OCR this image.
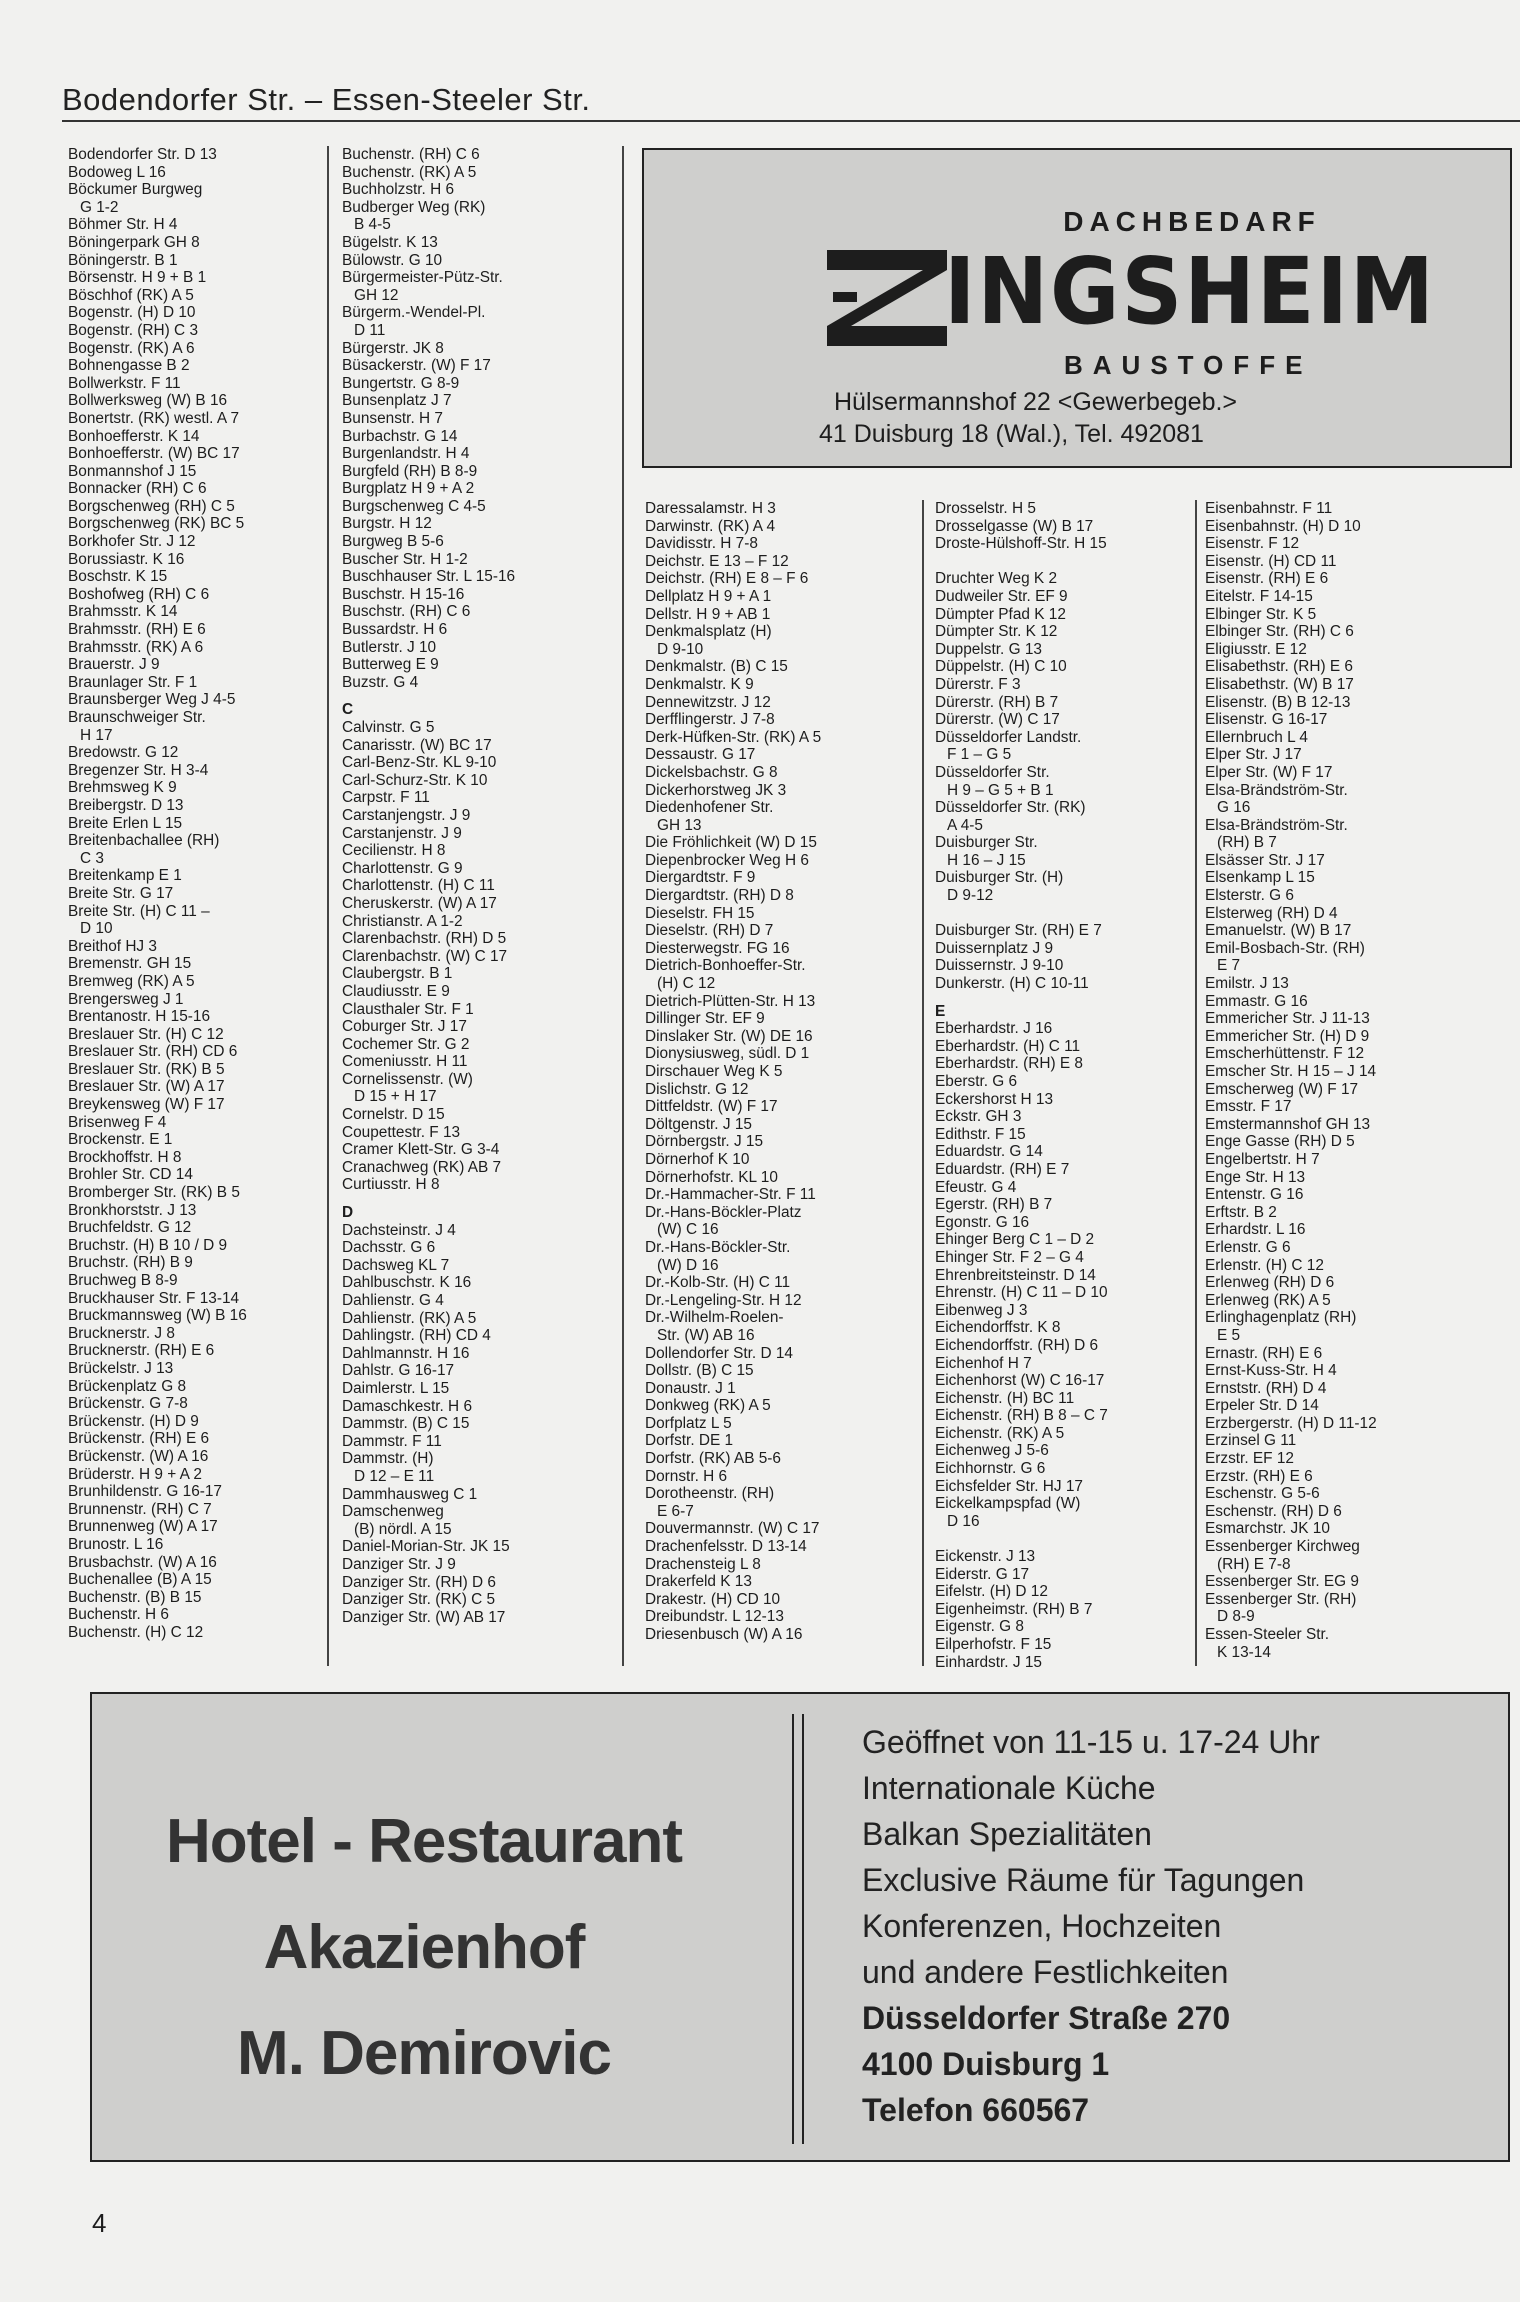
Bodendorfer Str. – Essen-Steeler Str.
Bodendorfer Str. D 13
Bodoweg L 16
Böckumer Burgweg
G 1-2
Böhmer Str. H 4
Böningerpark GH 8
Böningerstr. B 1
Börsenstr. H 9 + B 1
Böschhof (RK) A 5
Bogenstr. (H) D 10
Bogenstr. (RH) C 3
Bogenstr. (RK) A 6
Bohnengasse B 2
Bollwerkstr. F 11
Bollwerksweg (W) B 16
Bonertstr. (RK) westl. A 7
Bonhoefferstr. K 14
Bonhoefferstr. (W) BC 17
Bonmannshof J 15
Bonnacker (RH) C 6
Borgschenweg (RH) C 5
Borgschenweg (RK) BC 5
Borkhofer Str. J 12
Borussiastr. K 16
Boschstr. K 15
Boshofweg (RH) C 6
Brahmsstr. K 14
Brahmsstr. (RH) E 6
Brahmsstr. (RK) A 6
Brauerstr. J 9
Braunlager Str. F 1
Braunsberger Weg J 4-5
Braunschweiger Str.
H 17
Bredowstr. G 12
Bregenzer Str. H 3-4
Brehmsweg K 9
Breibergstr. D 13
Breite Erlen L 15
Breitenbachallee (RH)
C 3
Breitenkamp E 1
Breite Str. G 17
Breite Str. (H) C 11 –
D 10
Breithof HJ 3
Bremenstr. GH 15
Bremweg (RK) A 5
Brengersweg J 1
Brentanostr. H 15-16
Breslauer Str. (H) C 12
Breslauer Str. (RH) CD 6
Breslauer Str. (RK) B 5
Breslauer Str. (W) A 17
Breykensweg (W) F 17
Brisenweg F 4
Brockenstr. E 1
Brockhoffstr. H 8
Brohler Str. CD 14
Bromberger Str. (RK) B 5
Bronkhorststr. J 13
Bruchfeldstr. G 12
Bruchstr. (H) B 10 / D 9
Bruchstr. (RH) B 9
Bruchweg B 8-9
Bruckhauser Str. F 13-14
Bruckmannsweg (W) B 16
Brucknerstr. J 8
Brucknerstr. (RH) E 6
Brückelstr. J 13
Brückenplatz G 8
Brückenstr. G 7-8
Brückenstr. (H) D 9
Brückenstr. (RH) E 6
Brückenstr. (W) A 16
Brüderstr. H 9 + A 2
Brunhildenstr. G 16-17
Brunnenstr. (RH) C 7
Brunnenweg (W) A 17
Brunostr. L 16
Brusbachstr. (W) A 16
Buchenallee (B) A 15
Buchenstr. (B) B 15
Buchenstr. H 6
Buchenstr. (H) C 12
Buchenstr. (RH) C 6
Buchenstr. (RK) A 5
Buchholzstr. H 6
Budberger Weg (RK)
B 4-5
Bügelstr. K 13
Bülowstr. G 10
Bürgermeister-Pütz-Str.
GH 12
Bürgerm.-Wendel-Pl.
D 11
Bürgerstr. JK 8
Büsackerstr. (W) F 17
Bungertstr. G 8-9
Bunsenplatz J 7
Bunsenstr. H 7
Burbachstr. G 14
Burgenlandstr. H 4
Burgfeld (RH) B 8-9
Burgplatz H 9 + A 2
Burgschenweg C 4-5
Burgstr. H 12
Burgweg B 5-6
Buscher Str. H 1-2
Buschhauser Str. L 15-16
Buschstr. H 15-16
Buschstr. (RH) C 6
Bussardstr. H 6
Butlerstr. J 10
Butterweg E 9
Buzstr. G 4
C
Calvinstr. G 5
Canarisstr. (W) BC 17
Carl-Benz-Str. KL 9-10
Carl-Schurz-Str. K 10
Carpstr. F 11
Carstanjengstr. J 9
Carstanjenstr. J 9
Cecilienstr. H 8
Charlottenstr. G 9
Charlottenstr. (H) C 11
Cheruskerstr. (W) A 17
Christianstr. A 1-2
Clarenbachstr. (RH) D 5
Clarenbachstr. (W) C 17
Claubergstr. B 1
Claudiusstr. E 9
Clausthaler Str. F 1
Coburger Str. J 17
Cochemer Str. G 2
Comeniusstr. H 11
Cornelissenstr. (W)
D 15 + H 17
Cornelstr. D 15
Coupettestr. F 13
Cramer Klett-Str. G 3-4
Cranachweg (RK) AB 7
Curtiusstr. H 8
D
Dachsteinstr. J 4
Dachsstr. G 6
Dachsweg KL 7
Dahlbuschstr. K 16
Dahlienstr. G 4
Dahlienstr. (RK) A 5
Dahlingstr. (RH) CD 4
Dahlmannstr. H 16
Dahlstr. G 16-17
Daimlerstr. L 15
Damaschkestr. H 6
Dammstr. (B) C 15
Dammstr. F 11
Dammstr. (H)
D 12 – E 11
Dammhausweg C 1
Damschenweg
(B) nördl. A 15
Daniel-Morian-Str. JK 15
Danziger Str. J 9
Danziger Str. (RH) D 6
Danziger Str. (RK) C 5
Danziger Str. (W) AB 17
DACHBEDARF
INGSHEIM
BAUSTOFFE
Hülsermannshof 22 <Gewerbegeb.>
41 Duisburg 18 (Wal.), Tel. 492081
Daressalamstr. H 3
Darwinstr. (RK) A 4
Davidisstr. H 7-8
Deichstr. E 13 – F 12
Deichstr. (RH) E 8 – F 6
Dellplatz H 9 + A 1
Dellstr. H 9 + AB 1
Denkmalsplatz (H)
D 9-10
Denkmalstr. (B) C 15
Denkmalstr. K 9
Dennewitzstr. J 12
Derfflingerstr. J 7-8
Derk-Hüfken-Str. (RK) A 5
Dessaustr. G 17
Dickelsbachstr. G 8
Dickerhorstweg JK 3
Diedenhofener Str.
GH 13
Die Fröhlichkeit (W) D 15
Diepenbrocker Weg H 6
Diergardtstr. F 9
Diergardtstr. (RH) D 8
Dieselstr. FH 15
Dieselstr. (RH) D 7
Diesterwegstr. FG 16
Dietrich-Bonhoeffer-Str.
(H) C 12
Dietrich-Plütten-Str. H 13
Dillinger Str. EF 9
Dinslaker Str. (W) DE 16
Dionysiusweg, südl. D 1
Dirschauer Weg K 5
Dislichstr. G 12
Dittfeldstr. (W) F 17
Döltgenstr. J 15
Dörnbergstr. J 15
Dörnerhof K 10
Dörnerhofstr. KL 10
Dr.-Hammacher-Str. F 11
Dr.-Hans-Böckler-Platz
(W) C 16
Dr.-Hans-Böckler-Str.
(W) D 16
Dr.-Kolb-Str. (H) C 11
Dr.-Lengeling-Str. H 12
Dr.-Wilhelm-Roelen-
Str. (W) AB 16
Dollendorfer Str. D 14
Dollstr. (B) C 15
Donaustr. J 1
Donkweg (RK) A 5
Dorfplatz L 5
Dorfstr. DE 1
Dorfstr. (RK) AB 5-6
Dornstr. H 6
Dorotheenstr. (RH)
E 6-7
Douvermannstr. (W) C 17
Drachenfelsstr. D 13-14
Drachensteig L 8
Drakerfeld K 13
Drakestr. (H) CD 10
Dreibundstr. L 12-13
Driesenbusch (W) A 16
Drosselstr. H 5
Drosselgasse (W) B 17
Droste-Hülshoff-Str. H 15

Druchter Weg K 2
Dudweiler Str. EF 9
Dümpter Pfad K 12
Dümpter Str. K 12
Duppelstr. G 13
Düppelstr. (H) C 10
Dürerstr. F 3
Dürerstr. (RH) B 7
Dürerstr. (W) C 17
Düsseldorfer Landstr.
F 1 – G 5
Düsseldorfer Str.
H 9 – G 5 + B 1
Düsseldorfer Str. (RK)
A 4-5
Duisburger Str.
H 16 – J 15
Duisburger Str. (H)
D 9-12

Duisburger Str. (RH) E 7
Duissernplatz J 9
Duissernstr. J 9-10
Dunkerstr. (H) C 10-11
E
Eberhardstr. J 16
Eberhardstr. (H) C 11
Eberhardstr. (RH) E 8
Eberstr. G 6
Eckershorst H 13
Eckstr. GH 3
Edithstr. F 15
Eduardstr. G 14
Eduardstr. (RH) E 7
Efeustr. G 4
Egerstr. (RH) B 7
Egonstr. G 16
Ehinger Berg C 1 – D 2
Ehinger Str. F 2 – G 4
Ehrenbreitsteinstr. D 14
Ehrenstr. (H) C 11 – D 10
Eibenweg J 3
Eichendorffstr. K 8
Eichendorffstr. (RH) D 6
Eichenhof H 7
Eichenhorst (W) C 16-17
Eichenstr. (H) BC 11
Eichenstr. (RH) B 8 – C 7
Eichenstr. (RK) A 5
Eichenweg J 5-6
Eichhornstr. G 6
Eichsfelder Str. HJ 17
Eickelkampspfad (W)
D 16

Eickenstr. J 13
Eiderstr. G 17
Eifelstr. (H) D 12
Eigenheimstr. (RH) B 7
Eigenstr. G 8
Eilperhofstr. F 15
Einhardstr. J 15
Eisenbahnstr. F 11
Eisenbahnstr. (H) D 10
Eisenstr. F 12
Eisenstr. (H) CD 11
Eisenstr. (RH) E 6
Eitelstr. F 14-15
Elbinger Str. K 5
Elbinger Str. (RH) C 6
Eligiusstr. E 12
Elisabethstr. (RH) E 6
Elisabethstr. (W) B 17
Elisenstr. (B) B 12-13
Elisenstr. G 16-17
Ellernbruch L 4
Elper Str. J 17
Elper Str. (W) F 17
Elsa-Brändström-Str.
G 16
Elsa-Brändström-Str.
(RH) B 7
Elsässer Str. J 17
Elsenkamp L 15
Elsterstr. G 6
Elsterweg (RH) D 4
Emanuelstr. (W) B 17
Emil-Bosbach-Str. (RH)
E 7
Emilstr. J 13
Emmastr. G 16
Emmericher Str. J 11-13
Emmericher Str. (H) D 9
Emscherhüttenstr. F 12
Emscher Str. H 15 – J 14
Emscherweg (W) F 17
Emsstr. F 17
Emstermannshof GH 13
Enge Gasse (RH) D 5
Engelbertstr. H 7
Enge Str. H 13
Entenstr. G 16
Erftstr. B 2
Erhardstr. L 16
Erlenstr. G 6
Erlenstr. (H) C 12
Erlenweg (RH) D 6
Erlenweg (RK) A 5
Erlinghagenplatz (RH)
E 5
Ernastr. (RH) E 6
Ernst-Kuss-Str. H 4
Ernststr. (RH) D 4
Erpeler Str. D 14
Erzbergerstr. (H) D 11-12
Erzinsel G 11
Erzstr. EF 12
Erzstr. (RH) E 6
Eschenstr. G 5-6
Eschenstr. (RH) D 6
Esmarchstr. JK 10
Essenberger Kirchweg
(RH) E 7-8
Essenberger Str. EG 9
Essenberger Str. (RH)
D 8-9
Essen-Steeler Str.
K 13-14
Hotel - Restaurant
Akazienhof
M. Demirovic
Geöffnet von 11-15 u. 17-24 Uhr
Internationale Küche
Balkan Spezialitäten
Exclusive Räume für Tagungen
Konferenzen, Hochzeiten
und andere Festlichkeiten
Düsseldorfer Straße 270
4100 Duisburg 1
Telefon 660567
4
